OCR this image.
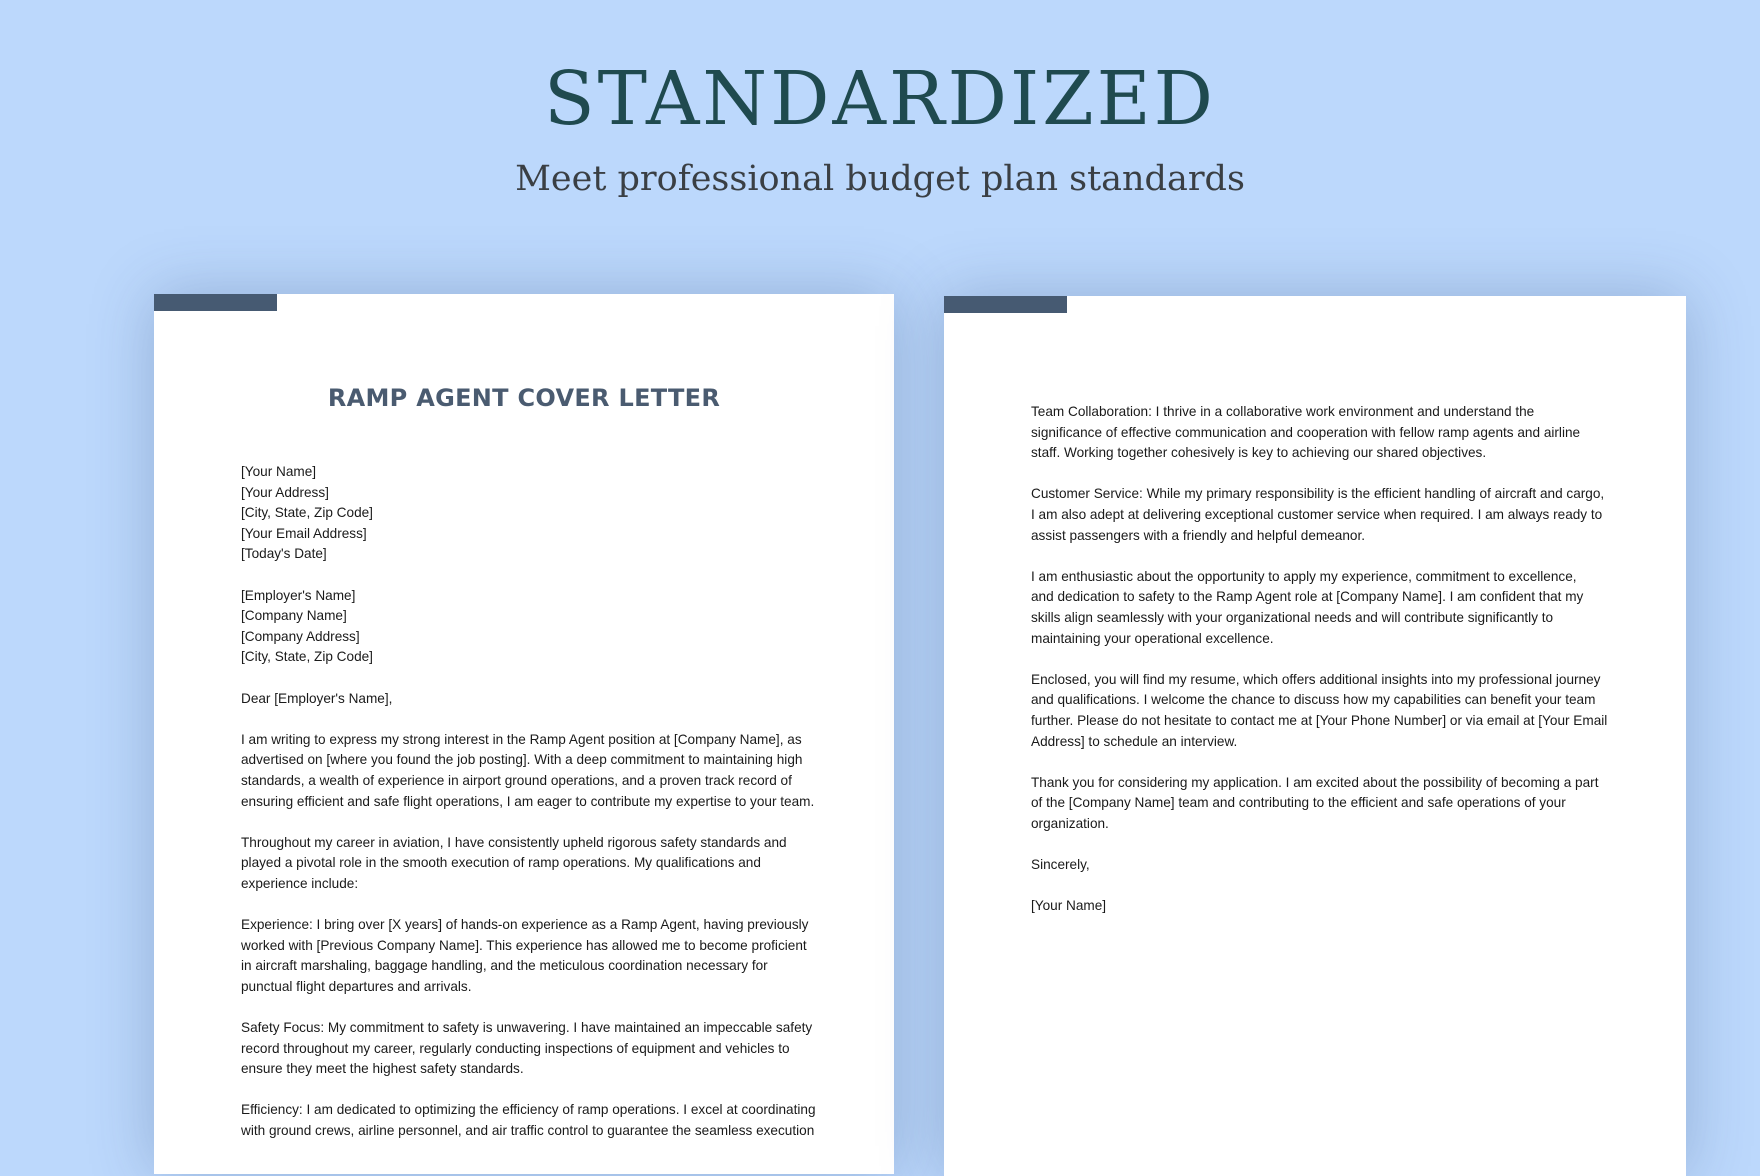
STANDARDIZED
Meet professional budget plan standards
RAMP AGENT COVER LETTER
[Your Name]
[Your Address]
[City, State, Zip Code]
[Your Email Address]
[Today's Date]
[Employer's Name]
[Company Name]
[Company Address]
[City, State, Zip Code]
Dear [Employer's Name],
I am writing to express my strong interest in the Ramp Agent position at [Company Name], as
advertised on [where you found the job posting]. With a deep commitment to maintaining high
standards, a wealth of experience in airport ground operations, and a proven track record of
ensuring efficient and safe flight operations, I am eager to contribute my expertise to your team.
Throughout my career in aviation, I have consistently upheld rigorous safety standards and
played a pivotal role in the smooth execution of ramp operations. My qualifications and
experience include:
Experience: I bring over [X years] of hands-on experience as a Ramp Agent, having previously
worked with [Previous Company Name]. This experience has allowed me to become proficient
in aircraft marshaling, baggage handling, and the meticulous coordination necessary for
punctual flight departures and arrivals.
Safety Focus: My commitment to safety is unwavering. I have maintained an impeccable safety
record throughout my career, regularly conducting inspections of equipment and vehicles to
ensure they meet the highest safety standards.
Efficiency: I am dedicated to optimizing the efficiency of ramp operations. I excel at coordinating
with ground crews, airline personnel, and air traffic control to guarantee the seamless execution
Team Collaboration: I thrive in a collaborative work environment and understand the
significance of effective communication and cooperation with fellow ramp agents and airline
staff. Working together cohesively is key to achieving our shared objectives.
Customer Service: While my primary responsibility is the efficient handling of aircraft and cargo,
I am also adept at delivering exceptional customer service when required. I am always ready to
assist passengers with a friendly and helpful demeanor.
I am enthusiastic about the opportunity to apply my experience, commitment to excellence,
and dedication to safety to the Ramp Agent role at [Company Name]. I am confident that my
skills align seamlessly with your organizational needs and will contribute significantly to
maintaining your operational excellence.
Enclosed, you will find my resume, which offers additional insights into my professional journey
and qualifications. I welcome the chance to discuss how my capabilities can benefit your team
further. Please do not hesitate to contact me at [Your Phone Number] or via email at [Your Email
Address] to schedule an interview.
Thank you for considering my application. I am excited about the possibility of becoming a part
of the [Company Name] team and contributing to the efficient and safe operations of your
organization.
Sincerely,
[Your Name]
